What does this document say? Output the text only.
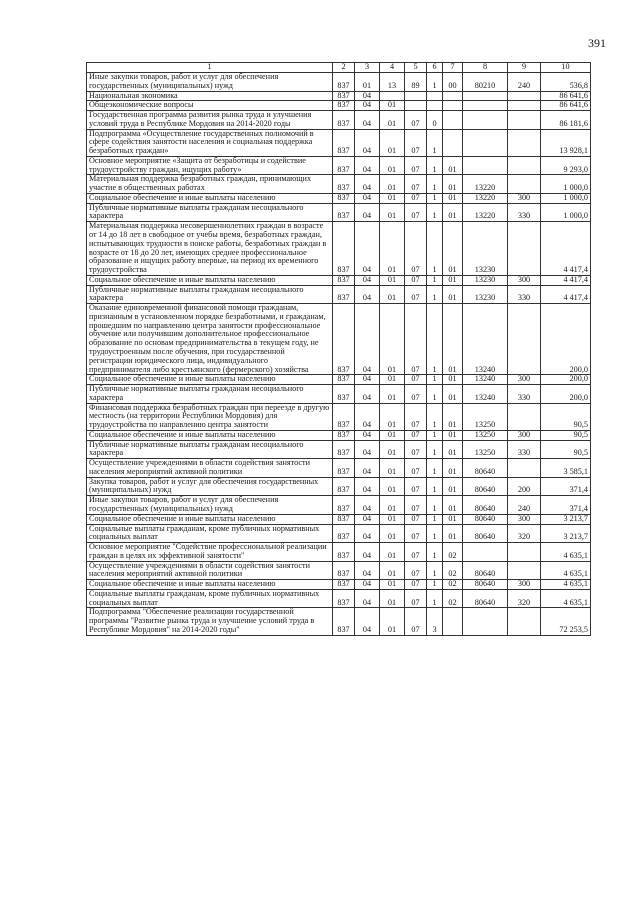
391
1	2	3	4	5	6	7	8	9	10
Иные закупки товаров, работ и услуг для обеспечения государственных (муниципальных) нужд	837	01	13	89	1	00	80210	240	536,8
Национальная экономика	837	04							86 641,6
Общеэкономические вопросы	837	04	01						86 641,6
Государственная программа развития рынка труда и улучшения условий труда в Республике Мордовия на 2014-2020 годы	837	04	01	07	0				86 181,6
Подпрограмма «Осуществление государственных полномочий в сфере содействия занятости населения и социальная поддержка безработных граждан»	837	04	01	07	1				13 928,1
Основное мероприятие «Защита от безработицы и содействие трудоустройству граждан, ищущих работу»	837	04	01	07	1	01			9 293,0
Материальная поддержка безработных граждан, принимающих участие в общественных работах	837	04	01	07	1	01	13220		1 000,0
Социальное обеспечение и иные выплаты населению	837	04	01	07	1	01	13220	300	1 000,0
Публичные нормативные выплаты гражданам несоциального характера	837	04	01	07	1	01	13220	330	1 000,0
Материальная поддержка несовершеннолетних граждан в возрасте от 14 до 18 лет в свободное от учебы время, безработных граждан, испытывающих трудности в поиске работы, безработных граждан в возрасте от 18 до 20 лет, имеющих среднее профессиональное образование и ищущих работу впервые, на период их временного трудоустройства	837	04	01	07	1	01	13230		4 417,4
Социальное обеспечение и иные выплаты населению	837	04	01	07	1	01	13230	300	4 417,4
Публичные нормативные выплаты гражданам несоциального характера	837	04	01	07	1	01	13230	330	4 417,4
Оказание единовременной финансовой помощи гражданам, признанным в установленном порядке безработными, и гражданам, прошедшим по направлению центра занятости профессиональное обучение или получившим дополнительное профессиональное образование по основам предпринимательства в текущем году, не трудоустроенным после обучения, при государственной регистрации юридического лица, индивидуального предпринимателя либо крестьянского (фермерского) хозяйства	837	04	01	07	1	01	13240		200,0
Социальное обеспечение и иные выплаты населению	837	04	01	07	1	01	13240	300	200,0
Публичные нормативные выплаты гражданам несоциального характера	837	04	01	07	1	01	13240	330	200,0
Финансовая поддержка безработных граждан при переезде в другую местность (на территории Республики Мордовия) для трудоустройства по направлению центра занятости	837	04	01	07	1	01	13250		90,5
Социальное обеспечение и иные выплаты населению	837	04	01	07	1	01	13250	300	90,5
Публичные нормативные выплаты гражданам несоциального характера	837	04	01	07	1	01	13250	330	90,5
Осуществление учреждениями в области содействия занятости населения мероприятий активной политики	837	04	01	07	1	01	80640		3 585,1
Закупка товаров, работ и услуг для обеспечения государственных (муниципальных) нужд	837	04	01	07	1	01	80640	200	371,4
Иные закупки товаров, работ и услуг для обеспечения государственных (муниципальных) нужд	837	04	01	07	1	01	80640	240	371,4
Социальное обеспечение и иные выплаты населению	837	04	01	07	1	01	80640	300	3 213,7
Социальные выплаты гражданам, кроме публичных нормативных социальных выплат	837	04	01	07	1	01	80640	320	3 213,7
Основное мероприятие "Содействие профессиональной реализации граждан в целях их эффективной занятости"	837	04	01	07	1	02			4 635,1
Осуществление учреждениями в области содействия занятости населения мероприятий активной политики	837	04	01	07	1	02	80640		4 635,1
Социальное обеспечение и иные выплаты населению	837	04	01	07	1	02	80640	300	4 635,1
Социальные выплаты гражданам, кроме публичных нормативных социальных выплат	837	04	01	07	1	02	80640	320	4 635,1
Подпрограмма "Обеспечение реализации государственной программы "Развитие рынка труда и улучшение условий труда в Республике Мордовия" на 2014-2020 годы"	837	04	01	07	3				72 253,5
